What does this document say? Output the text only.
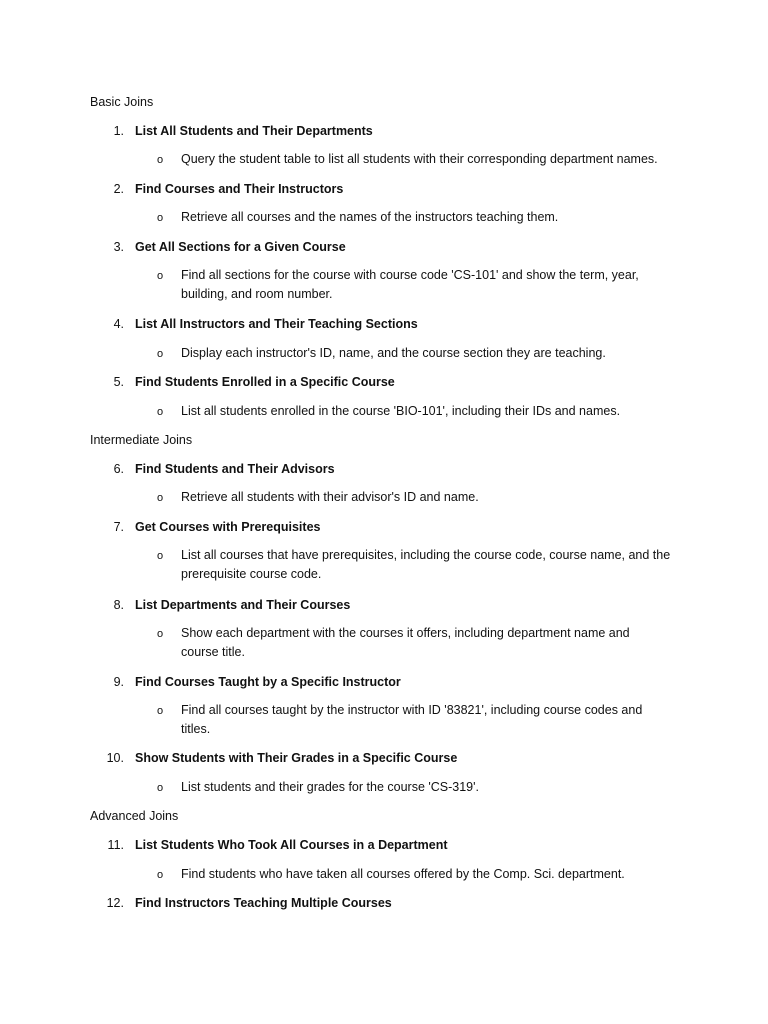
Basic Joins
1. List All Students and Their Departments
o Query the student table to list all students with their corresponding department names.
2. Find Courses and Their Instructors
o Retrieve all courses and the names of the instructors teaching them.
3. Get All Sections for a Given Course
o Find all sections for the course with course code 'CS-101' and show the term, year, building, and room number.
4. List All Instructors and Their Teaching Sections
o Display each instructor's ID, name, and the course section they are teaching.
5. Find Students Enrolled in a Specific Course
o List all students enrolled in the course 'BIO-101', including their IDs and names.
Intermediate Joins
6. Find Students and Their Advisors
o Retrieve all students with their advisor's ID and name.
7. Get Courses with Prerequisites
o List all courses that have prerequisites, including the course code, course name, and the prerequisite course code.
8. List Departments and Their Courses
o Show each department with the courses it offers, including department name and course title.
9. Find Courses Taught by a Specific Instructor
o Find all courses taught by the instructor with ID '83821', including course codes and titles.
10. Show Students with Their Grades in a Specific Course
o List students and their grades for the course 'CS-319'.
Advanced Joins
11. List Students Who Took All Courses in a Department
o Find students who have taken all courses offered by the Comp. Sci. department.
12. Find Instructors Teaching Multiple Courses
